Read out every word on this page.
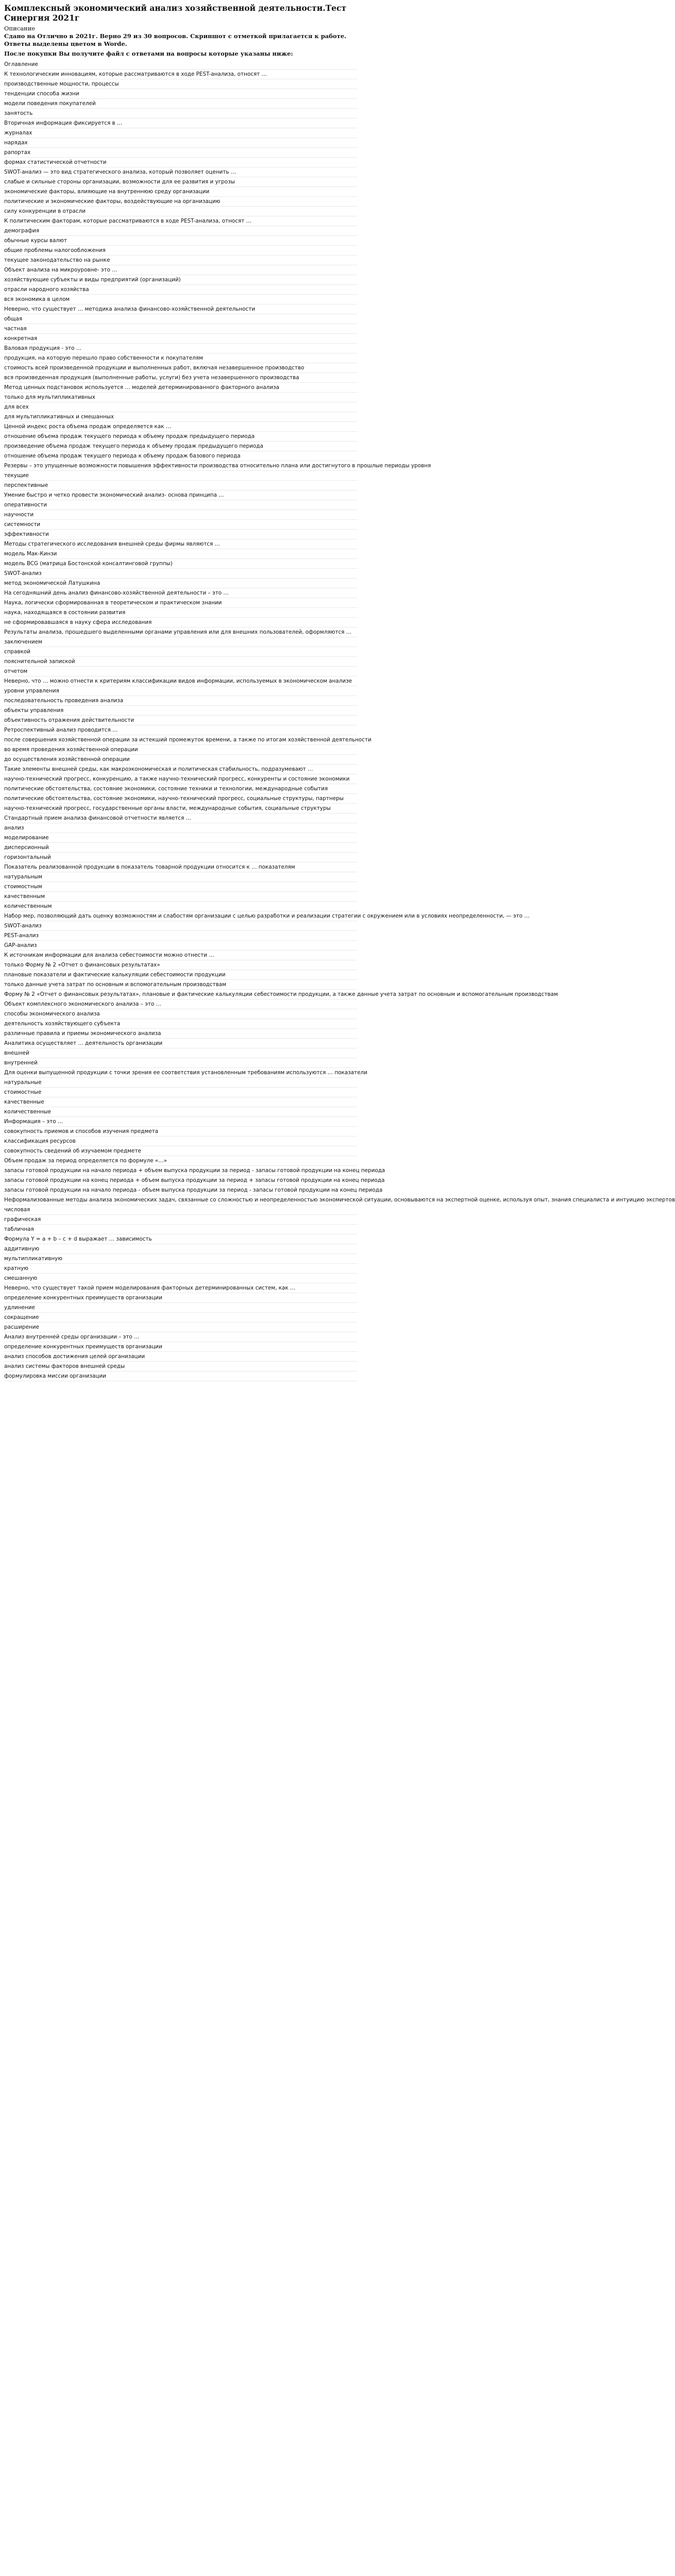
Комплексный экономический анализ хозяйственной деятельности.Тест Синергия 2021г
Описание
Сдано на Отлично в 2021г. Верно 29 из 30 вопросов. Скриншот с отметкой прилагается к работе. Ответы выделены цветом в Worde.
После покупки Вы получите файл с ответами на вопросы которые указаны ниже:
Оглавление
К технологическим инновациям, которые рассматриваются в ходе PEST-анализа, относят …
производственные мощности, процессы
тенденции способа жизни
модели поведения покупателей
занятость
Вторичная информация фиксируется в …
журналах
нарядах
рапортах
формах статистической отчетности
SWOT-анализ — это вид стратегического анализа, который позволяет оценить …
слабые и сильные стороны организации, возможности для ее развития и угрозы
экономические факторы, влияющие на внутреннюю среду организации
политические и экономические факторы, воздействующие на организацию
силу конкуренции в отрасли
К политическим факторам, которые рассматриваются в ходе PEST-анализа, относят …
демография
обычные курсы валют
общие проблемы налогообложения
текущее законодательство на рынке
Объект анализа на микроуровне- это …
хозяйствующие субъекты и виды предприятий (организаций)
отрасли народного хозяйства
вся экономика в целом
Неверно, что существует … методика анализа финансово-хозяйственной деятельности
общая
частная
конкретная
Валовая продукция - это …
продукция, на которую перешло право собственности к покупателям
стоимость всей произведенной продукции и выполненных работ, включая незавершенное производство
вся произведенная продукция (выполненные работы, услуги) без учета незавершенного производства
Метод ценных подстановок используется … моделей детерминированного факторного анализа
только для мультипликативных
для всех
для мультипликативных и смешанных
Ценной индекс роста объема продаж определяется как …
отношение объема продаж текущего периода к объему продаж предыдущего периода
произведение объема продаж текущего периода к объему продаж предыдущего периода
отношение объема продаж текущего периода к объему продаж базового периода
Резервы – это упущенные возможности повышения эффективности производства относительно плана или достигнутого в прошлые периоды уровня
текущие
перспективные
Умение быстро и четко провести экономический анализ- основа принципа …
оперативности
научности
системности
эффективности
Методы стратегического исследования внешней среды фирмы являются …
модель Мак-Кинзи
модель BCG (матрица Бостонской консалтинговой группы)
SWOT-анализ
метод экономической Латушкина
На сегодняшний день анализ финансово-хозяйственной деятельности – это …
Наука, логически сформированная в теоретическом и практическом знании
наука, находящаяся в состоянии развития
не сформировавшаяся в науку сфера исследования
Результаты анализа, прошедшего выделенными органами управления или для внешних пользователей, оформляются …
заключением
справкой
пояснительной запиской
отчетом
Неверно, что … можно отнести к критериям классификации видов информации, используемых в экономическом анализе
уровни управления
последовательность проведения анализа
объекты управления
объективность отражения действительности
Ретроспективный анализ проводится …
после совершения хозяйственной операции за истекший промежуток времени, а также по итогам хозяйственной деятельности
во время проведения хозяйственной операции
до осуществления хозяйственной операции
Такие элементы внешней среды, как макроэкономическая и политическая стабильность, подразумевают …
научно-технический прогресс, конкуренцию, а также научно-технический прогресс, конкуренты и состояние экономики
политические обстоятельства, состояние экономики, состояние техники и технологии, международные события
политические обстоятельства, состояние экономики, научно-технический прогресс, социальные структуры, партнеры
научно-технический прогресс, государственные органы власти, международные события, социальные структуры
Стандартный прием анализа финансовой отчетности является …
анализ
моделирование
дисперсионный
горизонтальный
Показатель реализованной продукции в показатель товарной продукции относится к … показателям
натуральным
стоимостным
качественным
количественным
Набор мер, позволяющий дать оценку возможностям и слабостям организации с целью разработки и реализации стратегии с окружением или в условиях неопределенности, — это …
SWOT-анализ
PEST-анализ
GAP-анализ
К источникам информации для анализа себестоимости можно отнести …
только Форму № 2 «Отчет о финансовых результатах»
плановые показатели и фактические калькуляции себестоимости продукции
только данные учета затрат по основным и вспомогательным производствам
Форму № 2 «Отчет о финансовых результатах», плановые и фактические калькуляции себестоимости продукции, а также данные учета затрат по основным и вспомогательным производствам
Объект комплексного экономического анализа – это …
способы экономического анализа
деятельность хозяйствующего субъекта
различные правила и приемы экономического анализа
Аналитика осуществляет … деятельность организации
внешней
внутренней
Для оценки выпущенной продукции с точки зрения ее соответствия установленным требованиям используются … показатели
натуральные
стоимостные
качественные
количественные
Информация – это …
совокупность приемов и способов изучения предмета
классификация ресурсов
совокупность сведений об изучаемом предмете
Объем продаж за период определяется по формуле «…»
запасы готовой продукции на начало периода + объем выпуска продукции за период - запасы готовой продукции на конец периода
запасы готовой продукции на конец периода + объем выпуска продукции за период + запасы готовой продукции на конец периода
запасы готовой продукции на начало периода - объем выпуска продукции за период - запасы готовой продукции на конец периода
Неформализованные методы анализа экономических задач, связанные со сложностью и неопределенностью экономической ситуации, основываются на экспертной оценке, используя опыт, знания специалиста и интуицию экспертов
числовая
графическая
табличная
Формула Y = a + b – c + d выражает … зависимость
аддитивную
мультипликативную
кратную
смешанную
Неверно, что существует такой прием моделирования факторных детерминированных систем, как …
определение конкурентных преимуществ организации
удлинение
сокращение
расширение
Анализ внутренней среды организации – это …
определение конкурентных преимуществ организации
анализ способов достижения целей организации
анализ системы факторов внешней среды
формулировка миссии организации
